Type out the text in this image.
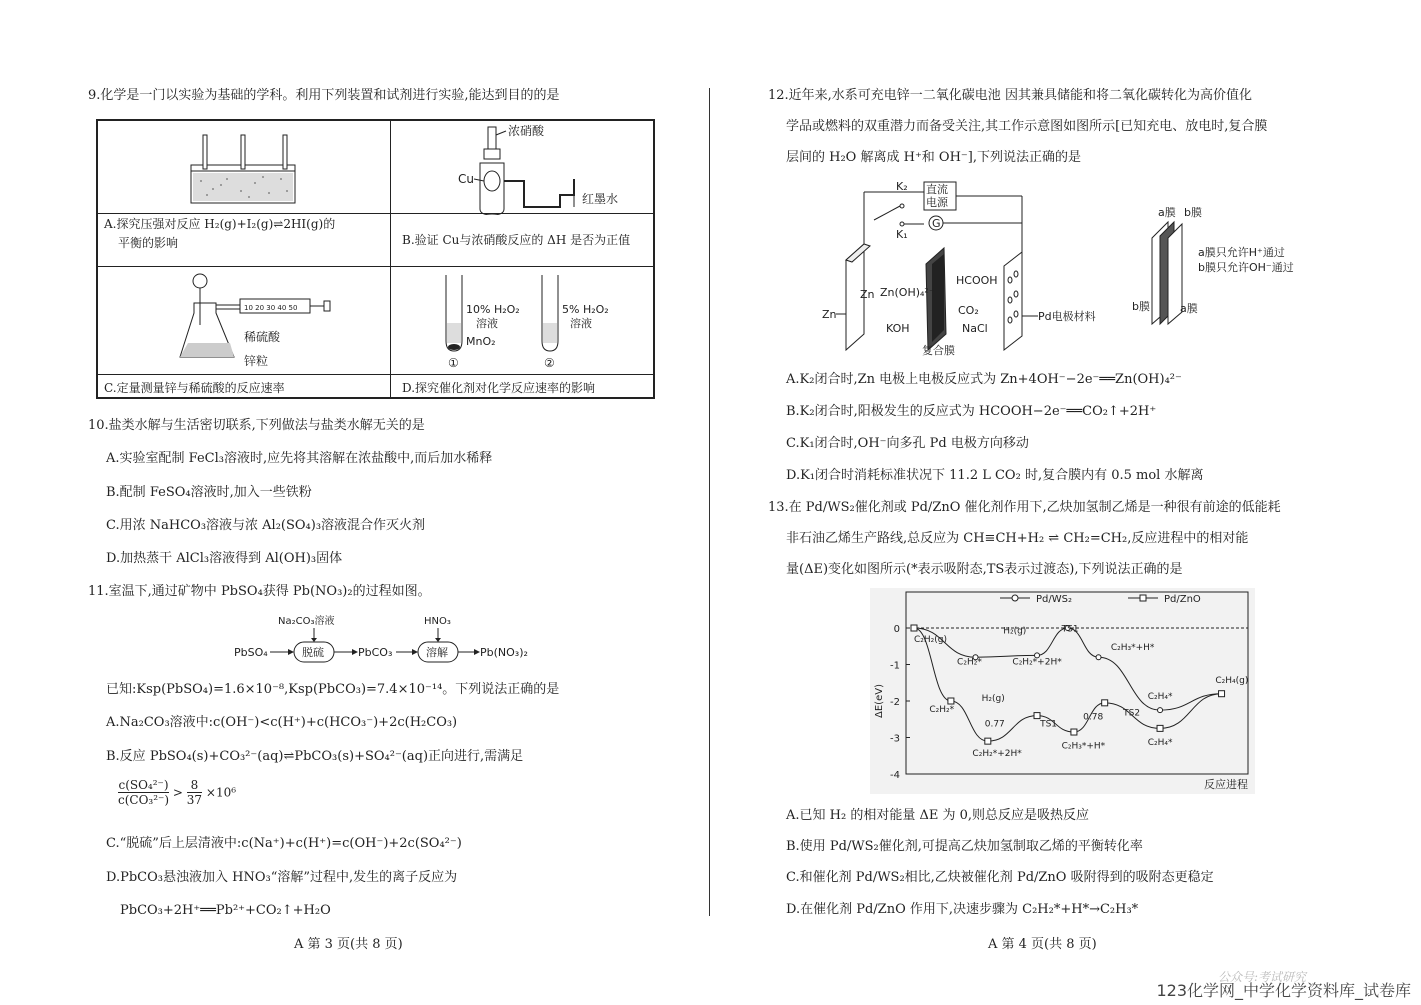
9.化学是一门以实验为基础的学科。利用下列装置和试剂进行实验,能达到目的的是
A.探究压强对反应 H₂(g)+I₂(g)⇌2HI(g)的
平衡的影响
浓硝酸
Cu
红墨水
B.验证 Cu与浓硝酸反应的 ΔH 是否为正值
10 20 30 40 50
稀硫酸
锌粒
C.定量测量锌与稀硫酸的反应速率
10% H₂O₂
溶液
MnO₂
①
5% H₂O₂
溶液
②
D.探究催化剂对化学反应速率的影响
10.盐类水解与生活密切联系,下列做法与盐类水解无关的是
A.实验室配制 FeCl₃溶液时,应先将其溶解在浓盐酸中,而后加水稀释
B.配制 FeSO₄溶液时,加入一些铁粉
C.用浓 NaHCO₃溶液与浓 Al₂(SO₄)₃溶液混合作灭火剂
D.加热蒸干 AlCl₃溶液得到 Al(OH)₃固体
11.室温下,通过矿物中 PbSO₄获得 Pb(NO₃)₂的过程如图。
PbSO₄	脱硫
Na₂CO₃溶液
PbCO₃	溶解
HNO₃
Pb(NO₃)₂
已知:Ksp(PbSO₄)=1.6×10⁻⁸,Ksp(PbCO₃)=7.4×10⁻¹⁴。下列说法正确的是
A.Na₂CO₃溶液中:c(OH⁻)<c(H⁺)+c(HCO₃⁻)+2c(H₂CO₃)
B.反应 PbSO₄(s)+CO₃²⁻(aq)⇌PbCO₃(s)+SO₄²⁻(aq)正向进行,需满足
$\frac{\text{c(SO₄²⁻)}}{\text{c(CO₃²⁻)}} > \frac{8}{37} \times 10^6$
C.“脱硫”后上层清液中:c(Na⁺)+c(H⁺)=c(OH⁻)+2c(SO₄²⁻)
D.PbCO₃悬浊液加入 HNO₃“溶解”过程中,发生的离子反应为
PbCO₃+2H⁺══Pb²⁺+CO₂↑+H₂O
A 第 3 页(共 8 页)
12.近年来,水系可充电锌一二氧化碳电池 因其兼具储能和将二氧化碳转化为高价值化
学品或燃料的双重潜力而备受关注,其工作示意图如图所示[已知充电、放电时,复合膜
层间的 H₂O 解离成 H⁺和 OH⁻],下列说法正确的是
K₂
K₁
直流
电源
G
Zn
Zn Zn(OH)₄²⁻
KOH
复合膜
HCOOH
CO₂
NaCl
Pd电极材料
a膜 b膜
a膜只允许H⁺通过
b膜只允许OH⁻通过
b膜	a膜
A.K₂闭合时,Zn 电极上电极反应式为 Zn+4OH⁻−2e⁻══Zn(OH)₄²⁻
B.K₂闭合时,阳极发生的反应式为 HCOOH−2e⁻══CO₂↑+2H⁺
C.K₁闭合时,OH⁻向多孔 Pd 电极方向移动
D.K₁闭合时消耗标准状况下 11.2 L CO₂ 时,复合膜内有 0.5 mol 水解离
13.在 Pd/WS₂催化剂或 Pd/ZnO 催化剂作用下,乙炔加氢制乙烯是一种很有前途的低能耗
非石油乙烯生产路线,总反应为 CH≡CH+H₂ ⇌ CH₂=CH₂,反应进程中的相对能
量(ΔE)变化如图所示(*表示吸附态,TS表示过渡态),下列说法正确的是
0
-1
-2
-3
-4
ΔE(eV)
反应进程
Pd/WS₂	Pd/ZnO
C₂H₂(g)
H₂(g)
C₂H₂*	C₂H₂*+2H*
TS1
C₂H₃*+H*
C₂H₄*
C₂H₄(g)
C₂H₂*
H₂(g)
0.77
C₂H₂*+2H*
TS1
0.78
C₂H₃*+H*
TS2
C₂H₄*
A.已知 H₂ 的相对能量 ΔE 为 0,则总反应是吸热反应
B.使用 Pd/WS₂催化剂,可提高乙炔加氢制取乙烯的平衡转化率
C.和催化剂 Pd/WS₂相比,乙炔被催化剂 Pd/ZnO 吸附得到的吸附态更稳定
D.在催化剂 Pd/ZnO 作用下,决速步骤为 C₂H₂*+H*→C₂H₃*
A 第 4 页(共 8 页)
公众号:考试研究
123化学网_中学化学资料库_试卷库
